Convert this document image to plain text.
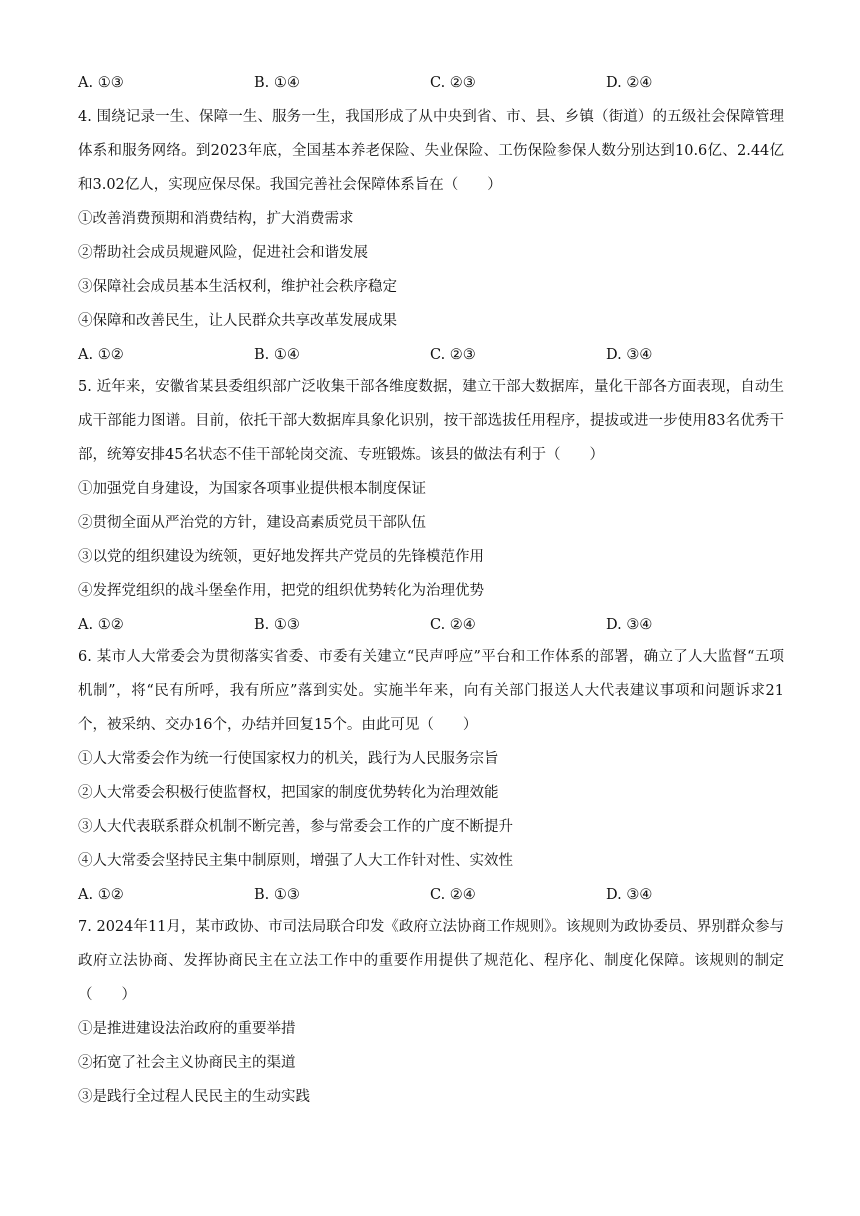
A. ①③	B. ①④	C. ②③	D. ②④
4. 围绕记录一生、保障一生、服务一生，我国形成了从中央到省、市、县、乡镇（街道）的五级社会保障管理体系和服务网络。到2023年底，全国基本养老保险、失业保险、工伤保险参保人数分别达到10.6亿、2.44亿和3.02亿人，实现应保尽保。我国完善社会保障体系旨在（　　）
①改善消费预期和消费结构，扩大消费需求
②帮助社会成员规避风险，促进社会和谐发展
③保障社会成员基本生活权利，维护社会秩序稳定
④保障和改善民生，让人民群众共享改革发展成果
A. ①②	B. ①④	C. ②③	D. ③④
5. 近年来，安徽省某县委组织部广泛收集干部各维度数据，建立干部大数据库，量化干部各方面表现，自动生成干部能力图谱。目前，依托干部大数据库具象化识别，按干部选拔任用程序，提拔或进一步使用83名优秀干部，统筹安排45名状态不佳干部轮岗交流、专班锻炼。该县的做法有利于（　　）
①加强党自身建设，为国家各项事业提供根本制度保证
②贯彻全面从严治党的方针，建设高素质党员干部队伍
③以党的组织建设为统领，更好地发挥共产党员的先锋模范作用
④发挥党组织的战斗堡垒作用，把党的组织优势转化为治理优势
A. ①②	B. ①③	C. ②④	D. ③④
6. 某市人大常委会为贯彻落实省委、市委有关建立“民声呼应”平台和工作体系的部署，确立了人大监督“五项机制”，将“民有所呼，我有所应”落到实处。实施半年来，向有关部门报送人大代表建议事项和问题诉求21个，被采纳、交办16个，办结并回复15个。由此可见（　　）
①人大常委会作为统一行使国家权力的机关，践行为人民服务宗旨
②人大常委会积极行使监督权，把国家的制度优势转化为治理效能
③人大代表联系群众机制不断完善，参与常委会工作的广度不断提升
④人大常委会坚持民主集中制原则，增强了人大工作针对性、实效性
A. ①②	B. ①③	C. ②④	D. ③④
7. 2024年11月，某市政协、市司法局联合印发《政府立法协商工作规则》。该规则为政协委员、界别群众参与政府立法协商、发挥协商民主在立法工作中的重要作用提供了规范化、程序化、制度化保障。该规则的制定（　　）
①是推进建设法治政府的重要举措
②拓宽了社会主义协商民主的渠道
③是践行全过程人民民主的生动实践
